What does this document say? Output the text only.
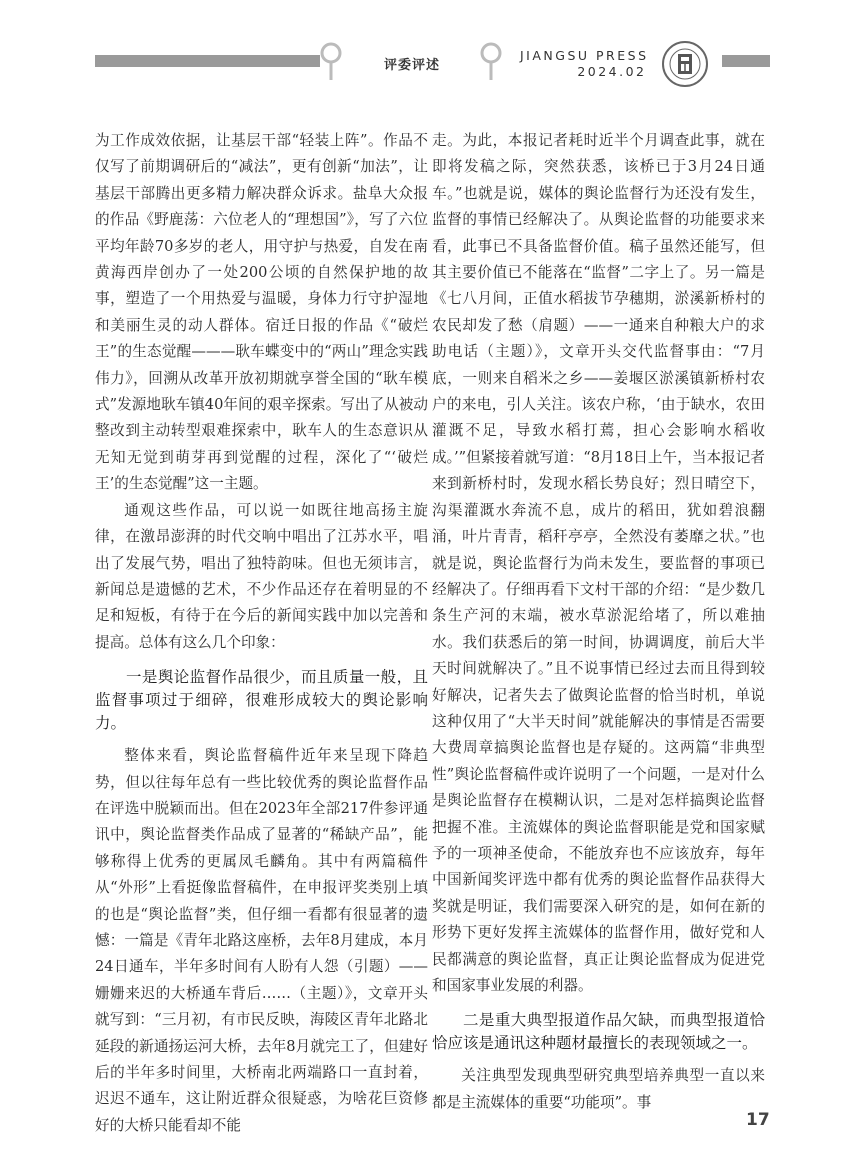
评委评述
JIANGSU PRESS
2024.02

为工作成效依据，让基层干部“轻装上阵”。作品不仅写了前期调研后的“减法”，更有创新“加法”，让基层干部腾出更多精力解决群众诉求。盐阜大众报的作品《野鹿荡：六位老人的“理想国”》，写了六位平均年龄70多岁的老人，用守护与热爱，自发在南黄海西岸创办了一处200公顷的自然保护地的故事，塑造了一个用热爱与温暖，身体力行守护湿地和美丽生灵的动人群体。宿迁日报的作品《“破烂王”的生态觉醒———耿车蝶变中的“两山”理念实践伟力》，回溯从改革开放初期就享誉全国的“耿车模式”发源地耿车镇40年间的艰辛探索。写出了从被动整改到主动转型艰难探索中，耿车人的生态意识从无知无觉到萌芽再到觉醒的过程，深化了“‘破烂王’的生态觉醒”这一主题。

通观这些作品，可以说一如既往地高扬主旋律，在激昂澎湃的时代交响中唱出了江苏水平，唱出了发展气势，唱出了独特韵味。但也无须讳言，新闻总是遗憾的艺术，不少作品还存在着明显的不足和短板，有待于在今后的新闻实践中加以完善和提高。总体有这么几个印象：

一是舆论监督作品很少，而且质量一般，且监督事项过于细碎，很难形成较大的舆论影响力。

整体来看，舆论监督稿件近年来呈现下降趋势，但以往每年总有一些比较优秀的舆论监督作品在评选中脱颖而出。但在2023年全部217件参评通讯中，舆论监督类作品成了显著的“稀缺产品”，能够称得上优秀的更属凤毛麟角。其中有两篇稿件从“外形”上看挺像监督稿件，在申报评奖类别上填的也是“舆论监督”类，但仔细一看都有很显著的遗憾：一篇是《青年北路这座桥，去年8月建成，本月24日通车，半年多时间有人盼有人怨（引题）——姗姗来迟的大桥通车背后……（主题）》，文章开头就写到：“三月初，有市民反映，海陵区青年北路北延段的新通扬运河大桥，去年8月就完工了，但建好后的半年多时间里，大桥南北两端路口一直封着，迟迟不通车，这让附近群众很疑惑，为啥花巨资修好的大桥只能看却不能

走。为此，本报记者耗时近半个月调查此事，就在即将发稿之际，突然获悉，该桥已于3月24日通车。”也就是说，媒体的舆论监督行为还没有发生，监督的事情已经解决了。从舆论监督的功能要求来看，此事已不具备监督价值。稿子虽然还能写，但其主要价值已不能落在“监督”二字上了。另一篇是《七八月间，正值水稻拔节孕穗期，淤溪新桥村的农民却发了愁（肩题）——一通来自种粮大户的求助电话（主题）》，文章开头交代监督事由：“7月底，一则来自稻米之乡——姜堰区淤溪镇新桥村农户的来电，引人关注。该农户称，‘由于缺水，农田灌溉不足，导致水稻打蔫，担心会影响水稻收成。’”但紧接着就写道：“8月18日上午，当本报记者来到新桥村时，发现水稻长势良好；烈日晴空下，沟渠灌溉水奔流不息，成片的稻田，犹如碧浪翻涌，叶片青青，稻秆亭亭，全然没有萎靡之状。”也就是说，舆论监督行为尚未发生，要监督的事项已经解决了。仔细再看下文村干部的介绍：“是少数几条生产河的末端，被水草淤泥给堵了，所以难抽水。我们获悉后的第一时间，协调调度，前后大半天时间就解决了。”且不说事情已经过去而且得到较好解决，记者失去了做舆论监督的恰当时机，单说这种仅用了“大半天时间”就能解决的事情是否需要大费周章搞舆论监督也是存疑的。这两篇“非典型性”舆论监督稿件或许说明了一个问题，一是对什么是舆论监督存在模糊认识，二是对怎样搞舆论监督把握不准。主流媒体的舆论监督职能是党和国家赋予的一项神圣使命，不能放弃也不应该放弃，每年中国新闻奖评选中都有优秀的舆论监督作品获得大奖就是明证，我们需要深入研究的是，如何在新的形势下更好发挥主流媒体的监督作用，做好党和人民都满意的舆论监督，真正让舆论监督成为促进党和国家事业发展的利器。

二是重大典型报道作品欠缺，而典型报道恰恰应该是通讯这种题材最擅长的表现领域之一。

关注典型发现典型研究典型培养典型一直以来都是主流媒体的重要“功能项”。事

17
